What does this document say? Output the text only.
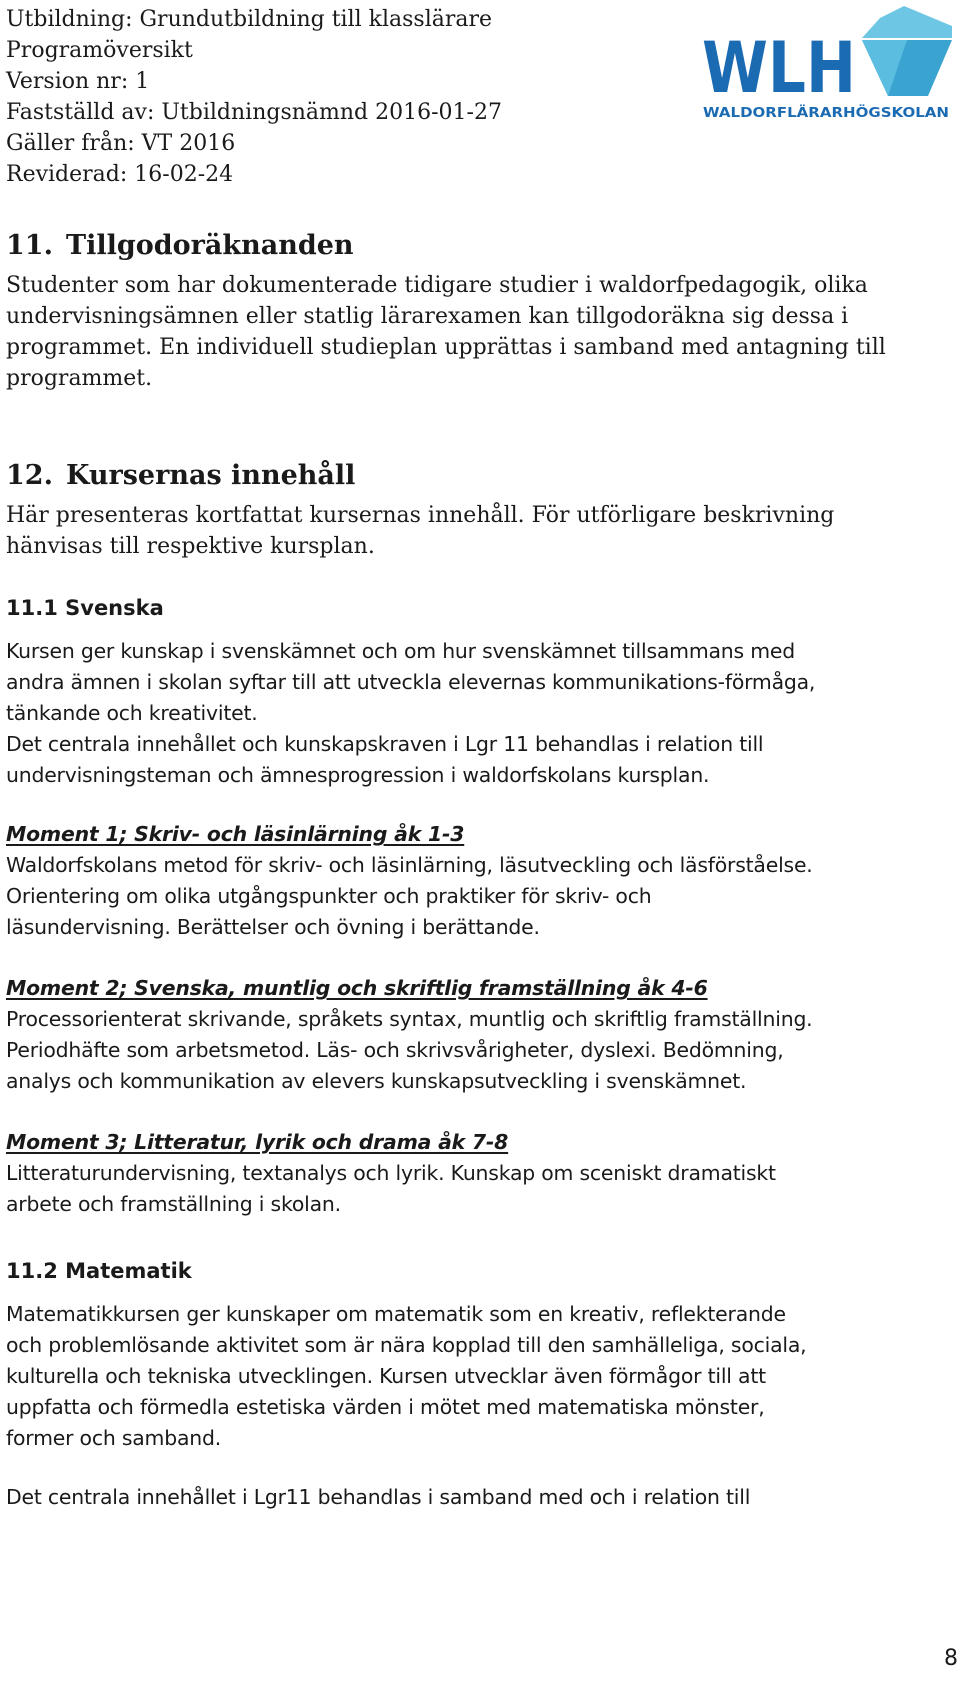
Utbildning: Grundutbildning till klasslärare
Programöversikt
Version nr: 1
Fastställd av: Utbildningsnämnd 2016-01-27
Gäller från: VT 2016
Reviderad: 16-02-24
WLH
WALDORFLÄRARHÖGSKOLAN
11. Tillgodoräknanden

Studenter som har dokumenterade tidigare studier i waldorfpedagogik, olika

undervisningsämnen eller statlig lärarexamen kan tillgodoräkna sig dessa i

programmet. En individuell studieplan upprättas i samband med antagning till

programmet.

12. Kursernas innehåll

Här presenteras kortfattat kursernas innehåll. För utförligare beskrivning

hänvisas till respektive kursplan.

11.1 Svenska

Kursen ger kunskap i svenskämnet och om hur svenskämnet tillsammans med

andra ämnen i skolan syftar till att utveckla elevernas kommunikations-förmåga,

tänkande och kreativitet.

Det centrala innehållet och kunskapskraven i Lgr 11 behandlas i relation till

undervisningsteman och ämnesprogression i waldorfskolans kursplan.

Moment 1; Skriv- och läsinlärning åk 1-3

Waldorfskolans metod för skriv- och läsinlärning, läsutveckling och läsförståelse.

Orientering om olika utgångspunkter och praktiker för skriv- och

läsundervisning. Berättelser och övning i berättande.

Moment 2; Svenska, muntlig och skriftlig framställning åk 4-6

Processorienterat skrivande, språkets syntax, muntlig och skriftlig framställning.

Periodhäfte som arbetsmetod. Läs- och skrivsvårigheter, dyslexi. Bedömning,

analys och kommunikation av elevers kunskapsutveckling i svenskämnet.

Moment 3; Litteratur, lyrik och drama åk 7-8

Litteraturundervisning, textanalys och lyrik. Kunskap om sceniskt dramatiskt

arbete och framställning i skolan.

11.2 Matematik

Matematikkursen ger kunskaper om matematik som en kreativ, reflekterande

och problemlösande aktivitet som är nära kopplad till den samhälleliga, sociala,

kulturella och tekniska utvecklingen. Kursen utvecklar även förmågor till att

uppfatta och förmedla estetiska värden i mötet med matematiska mönster,

former och samband.

Det centrala innehållet i Lgr11 behandlas i samband med och i relation till

8
